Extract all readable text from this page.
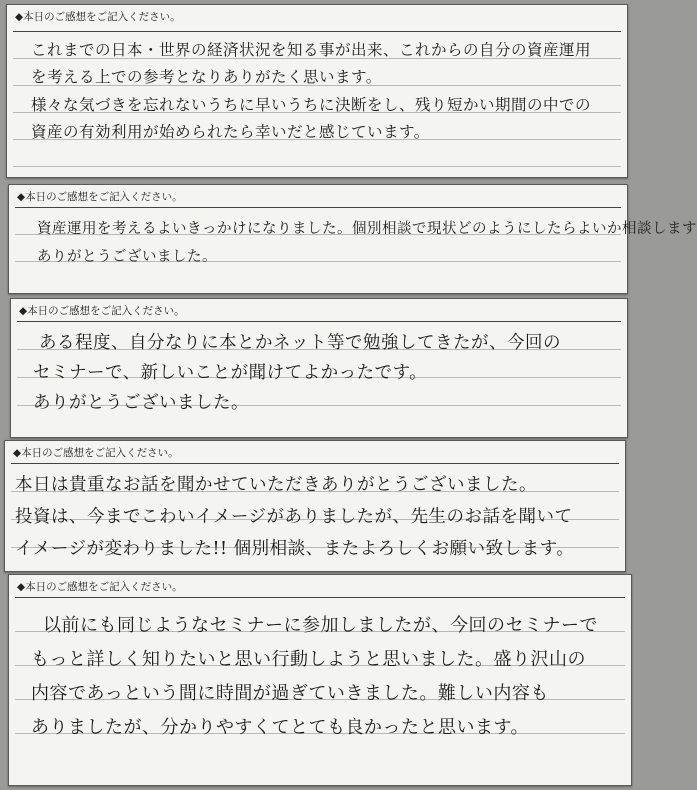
◆本日のご感想をご記入ください。
これまでの日本・世界の経済状況を知る事が出来、これからの自分の資産運用
を考える上での参考となりありがたく思います。
様々な気づきを忘れないうちに早いうちに決断をし、残り短かい期間の中での
資産の有効利用が始められたら幸いだと感じています。
◆本日のご感想をご記入ください。
資産運用を考えるよいきっかけになりました。個別相談で現状どのようにしたらよいか相談します
ありがとうございました。
◆本日のご感想をご記入ください。
ある程度、自分なりに本とかネット等で勉強してきたが、今回の
セミナーで、新しいことが聞けてよかったです。
ありがとうございました。
◆本日のご感想をご記入ください。
本日は貴重なお話を聞かせていただきありがとうございました。
投資は、今までこわいイメージがありましたが、先生のお話を聞いて
イメージが変わりました!! 個別相談、またよろしくお願い致します。
◆本日のご感想をご記入ください。
以前にも同じようなセミナーに参加しましたが、今回のセミナーで
もっと詳しく知りたいと思い行動しようと思いました。盛り沢山の
内容であっという間に時間が過ぎていきました。難しい内容も
ありましたが、分かりやすくてとても良かったと思います。
